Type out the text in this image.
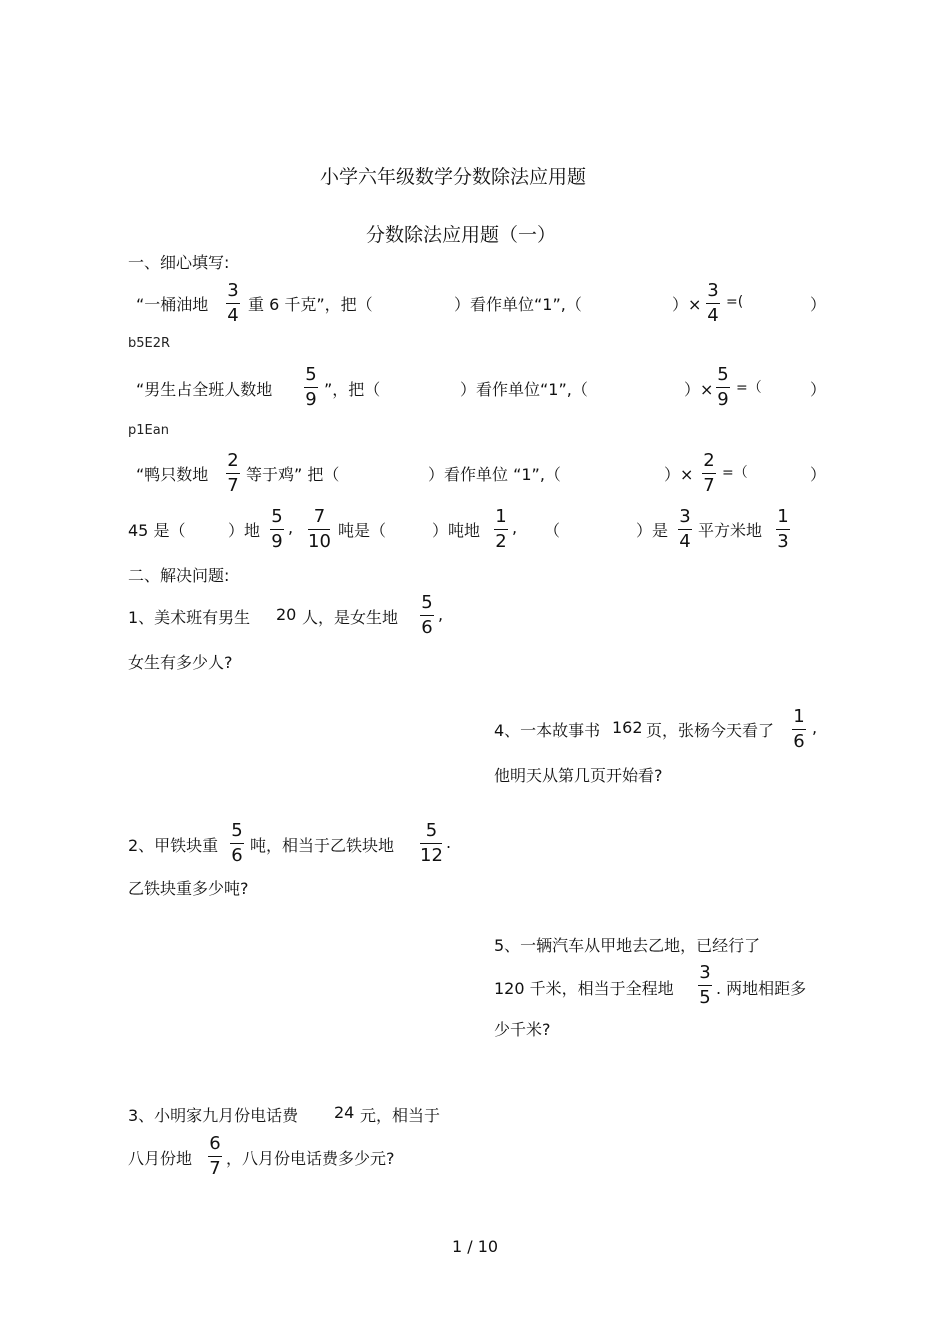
小学六年级数学分数除法应用题
分数除法应用题（一）
一、细心填写:
“一桶油地
3
4
重 6 千克”，把（	）看作单位“1”,（	）×
3
4
=(	）
b5E2R
“男生占全班人数地
5
9 ”，把（	）看作单位“1”,（	）×
5
9
=（	）
p1Ean
“鸭只数地
2
7
等于鸡” 把（	）看作单位 “1”,（	）×
2
7
=（	）
45 是（	）地
5
9
,
7
10
吨是（	）吨地
1
2
, （	）是
3
4
平方米地
1
3
二、解决问题:
1、美术班有男生 20 人，是女生地
5
6
,
女生有多少人?
4、一本故事书 162 页，张杨今天看了
1
6
,
他明天从第几页开始看?
2、甲铁块重
5
6 吨，相当于乙铁块地
5
12
.
乙铁块重多少吨?
5、一辆汽车从甲地去乙地，已经行了
120 千米，相当于全程地
3
5 . 两地相距多
少千米?
3、小明家九月份电话费 24 元，相当于
八月份地
6
7 ，八月份电话费多少元?
1 / 10
